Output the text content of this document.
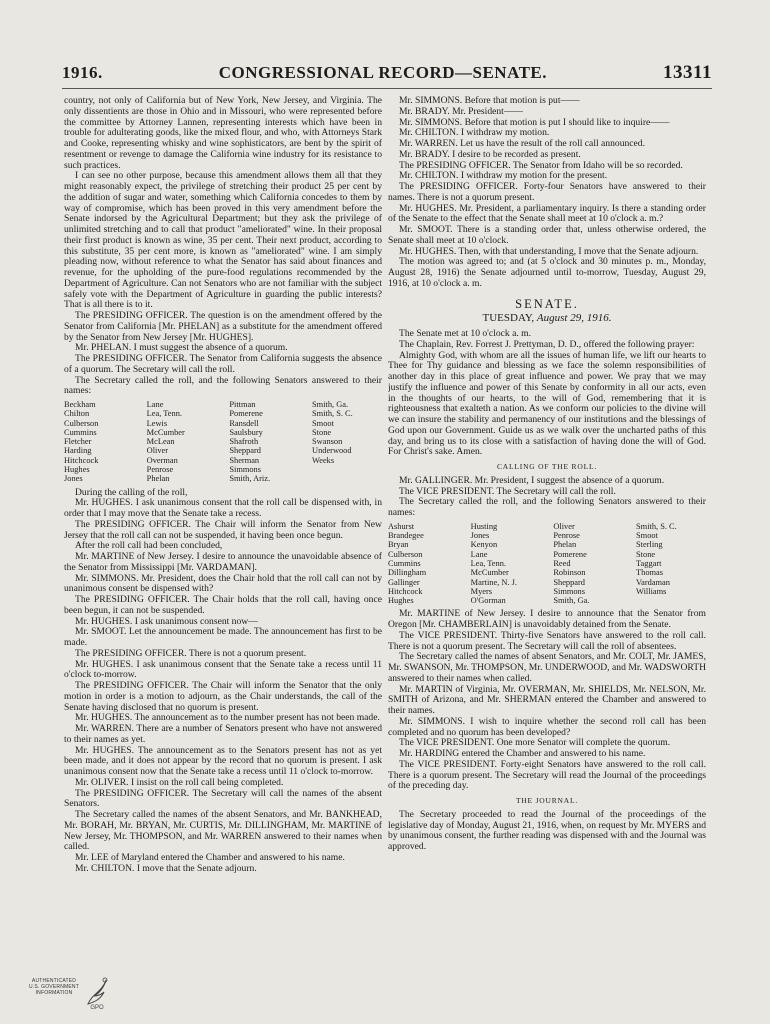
1916.	CONGRESSIONAL RECORD—SENATE.	13311

country, not only of California but of New York, New Jersey, and Virginia. The only dissentients are those in Ohio and in Missouri, who were represented before the committee by Attorney Lannen, representing interests which have been in trouble for adulterating goods, like the mixed flour, and who, with Attorneys Stark and Cooke, representing whisky and wine sophisticators, are bent by the spirit of resentment or revenge to damage the California wine industry for its resistance to such practices.

I can see no other purpose, because this amendment allows them all that they might reasonably expect, the privilege of stretching their product 25 per cent by the addition of sugar and water, something which California concedes to them by way of compromise, which has been proved in this very amendment before the Senate indorsed by the Agricultural Department; but they ask the privilege of unlimited stretching and to call that product "ameliorated" wine. In their proposal their first product is known as wine, 35 per cent. Their next product, according to this substitute, 35 per cent more, is known as "ameliorated" wine. I am simply pleading now, without reference to what the Senator has said about finances and revenue, for the upholding of the pure-food regulations recommended by the Department of Agriculture. Can not Senators who are not familiar with the subject safely vote with the Department of Agriculture in guarding the public interests? That is all there is to it.

The PRESIDING OFFICER. The question is on the amendment offered by the Senator from California [Mr. PHELAN] as a substitute for the amendment offered by the Senator from New Jersey [Mr. HUGHES].

Mr. PHELAN. I must suggest the absence of a quorum.

The PRESIDING OFFICER. The Senator from California suggests the absence of a quorum. The Secretary will call the roll.

The Secretary called the roll, and the following Senators answered to their names:

Beckham
Chilton
Culberson
Cummins
Fletcher
Harding
Hitchcock
Hughes
Jones
Lane
Lea, Tenn.
Lewis
McCumber
McLean
Oliver
Overman
Penrose
Phelan
Pittman
Pomerene
Ransdell
Saulsbury
Shafroth
Sheppard
Sherman
Simmons
Smith, Ariz.
Smith, Ga.
Smith, S. C.
Smoot
Stone
Swanson
Underwood
Weeks

During the calling of the roll,

Mr. HUGHES. I ask unanimous consent that the roll call be dispensed with, in order that I may move that the Senate take a recess.

The PRESIDING OFFICER. The Chair will inform the Senator from New Jersey that the roll call can not be suspended, it having been once begun.

After the roll call had been concluded,

Mr. MARTINE of New Jersey. I desire to announce the unavoidable absence of the Senator from Mississippi [Mr. VARDAMAN].

Mr. SIMMONS. Mr. President, does the Chair hold that the roll call can not by unanimous consent be dispensed with?

The PRESIDING OFFICER. The Chair holds that the roll call, having once been begun, it can not be suspended.

Mr. HUGHES. I ask unanimous consent now—

Mr. SMOOT. Let the announcement be made. The announcement has first to be made.

The PRESIDING OFFICER. There is not a quorum present.

Mr. HUGHES. I ask unanimous consent that the Senate take a recess until 11 o'clock to-morrow.

The PRESIDING OFFICER. The Chair will inform the Senator that the only motion in order is a motion to adjourn, as the Chair understands, the call of the Senate having disclosed that no quorum is present.

Mr. HUGHES. The announcement as to the number present has not been made.

Mr. WARREN. There are a number of Senators present who have not answered to their names as yet.

Mr. HUGHES. The announcement as to the Senators present has not as yet been made, and it does not appear by the record that no quorum is present. I ask unanimous consent now that the Senate take a recess until 11 o'clock to-morrow.

Mr. OLIVER. I insist on the roll call being completed.

The PRESIDING OFFICER. The Secretary will call the names of the absent Senators.

The Secretary called the names of the absent Senators, and Mr. BANKHEAD, Mr. BORAH, Mr. BRYAN, Mr. CURTIS, Mr. DILLINGHAM, Mr. MARTINE of New Jersey, Mr. THOMPSON, and Mr. WARREN answered to their names when called.

Mr. LEE of Maryland entered the Chamber and answered to his name.

Mr. CHILTON. I move that the Senate adjourn.

Mr. SIMMONS. Before that motion is put——

Mr. BRADY. Mr. President——

Mr. SIMMONS. Before that motion is put I should like to inquire——

Mr. CHILTON. I withdraw my motion.

Mr. WARREN. Let us have the result of the roll call announced.

Mr. BRADY. I desire to be recorded as present.

The PRESIDING OFFICER. The Senator from Idaho will be so recorded.

Mr. CHILTON. I withdraw my motion for the present.

The PRESIDING OFFICER. Forty-four Senators have answered to their names. There is not a quorum present.

Mr. HUGHES. Mr. President, a parliamentary inquiry. Is there a standing order of the Senate to the effect that the Senate shall meet at 10 o'clock a. m.?

Mr. SMOOT. There is a standing order that, unless otherwise ordered, the Senate shall meet at 10 o'clock.

Mr. HUGHES. Then, with that understanding, I move that the Senate adjourn.

The motion was agreed to; and (at 5 o'clock and 30 minutes p. m., Monday, August 28, 1916) the Senate adjourned until to-morrow, Tuesday, August 29, 1916, at 10 o'clock a. m.

SENATE.
TUESDAY, August 29, 1916.

The Senate met at 10 o'clock a. m.

The Chaplain, Rev. Forrest J. Prettyman, D. D., offered the following prayer:

Almighty God, with whom are all the issues of human life, we lift our hearts to Thee for Thy guidance and blessing as we face the solemn responsibilities of another day in this place of great influence and power. We pray that we may justify the influence and power of this Senate by conformity in all our acts, even in the thoughts of our hearts, to the will of God, remembering that it is righteousness that exalteth a nation. As we conform our policies to the divine will we can insure the stability and permanency of our institutions and the blessings of God upon our Government. Guide us as we walk over the uncharted paths of this day, and bring us to its close with a satisfaction of having done the will of God. For Christ's sake. Amen.

CALLING OF THE ROLL.

Mr. GALLINGER. Mr. President, I suggest the absence of a quorum.

The VICE PRESIDENT. The Secretary will call the roll.

The Secretary called the roll, and the following Senators answered to their names:

Ashurst
Brandegee
Bryan
Culberson
Cummins
Dillingham
Gallinger
Hitchcock
Hughes
Husting
Jones
Kenyon
Lane
Lea, Tenn.
McCumber
Martine, N. J.
Myers
O'Gorman
Oliver
Penrose
Phelan
Pomerene
Reed
Robinson
Sheppard
Simmons
Smith, Ga.
Smith, S. C.
Smoot
Sterling
Stone
Taggart
Thomas
Vardaman
Williams

Mr. MARTINE of New Jersey. I desire to announce that the Senator from Oregon [Mr. CHAMBERLAIN] is unavoidably detained from the Senate.

The VICE PRESIDENT. Thirty-five Senators have answered to the roll call. There is not a quorum present. The Secretary will call the roll of absentees.

The Secretary called the names of absent Senators, and Mr. COLT, Mr. JAMES, Mr. SWANSON, Mr. THOMPSON, Mr. UNDERWOOD, and Mr. WADSWORTH answered to their names when called.

Mr. MARTIN of Virginia, Mr. OVERMAN, Mr. SHIELDS, Mr. NELSON, Mr. SMITH of Arizona, and Mr. SHERMAN entered the Chamber and answered to their names.

Mr. SIMMONS. I wish to inquire whether the second roll call has been completed and no quorum has been developed?

The VICE PRESIDENT. One more Senator will complete the quorum.

Mr. HARDING entered the Chamber and answered to his name.

The VICE PRESIDENT. Forty-eight Senators have answered to the roll call. There is a quorum present. The Secretary will read the Journal of the proceedings of the preceding day.

THE JOURNAL.

The Secretary proceeded to read the Journal of the proceedings of the legislative day of Monday, August 21, 1916, when, on request by Mr. MYERS and by unanimous consent, the further reading was dispensed with and the Journal was approved.

AUTHENTICATED
U.S. GOVERNMENT
INFORMATION
GPO
